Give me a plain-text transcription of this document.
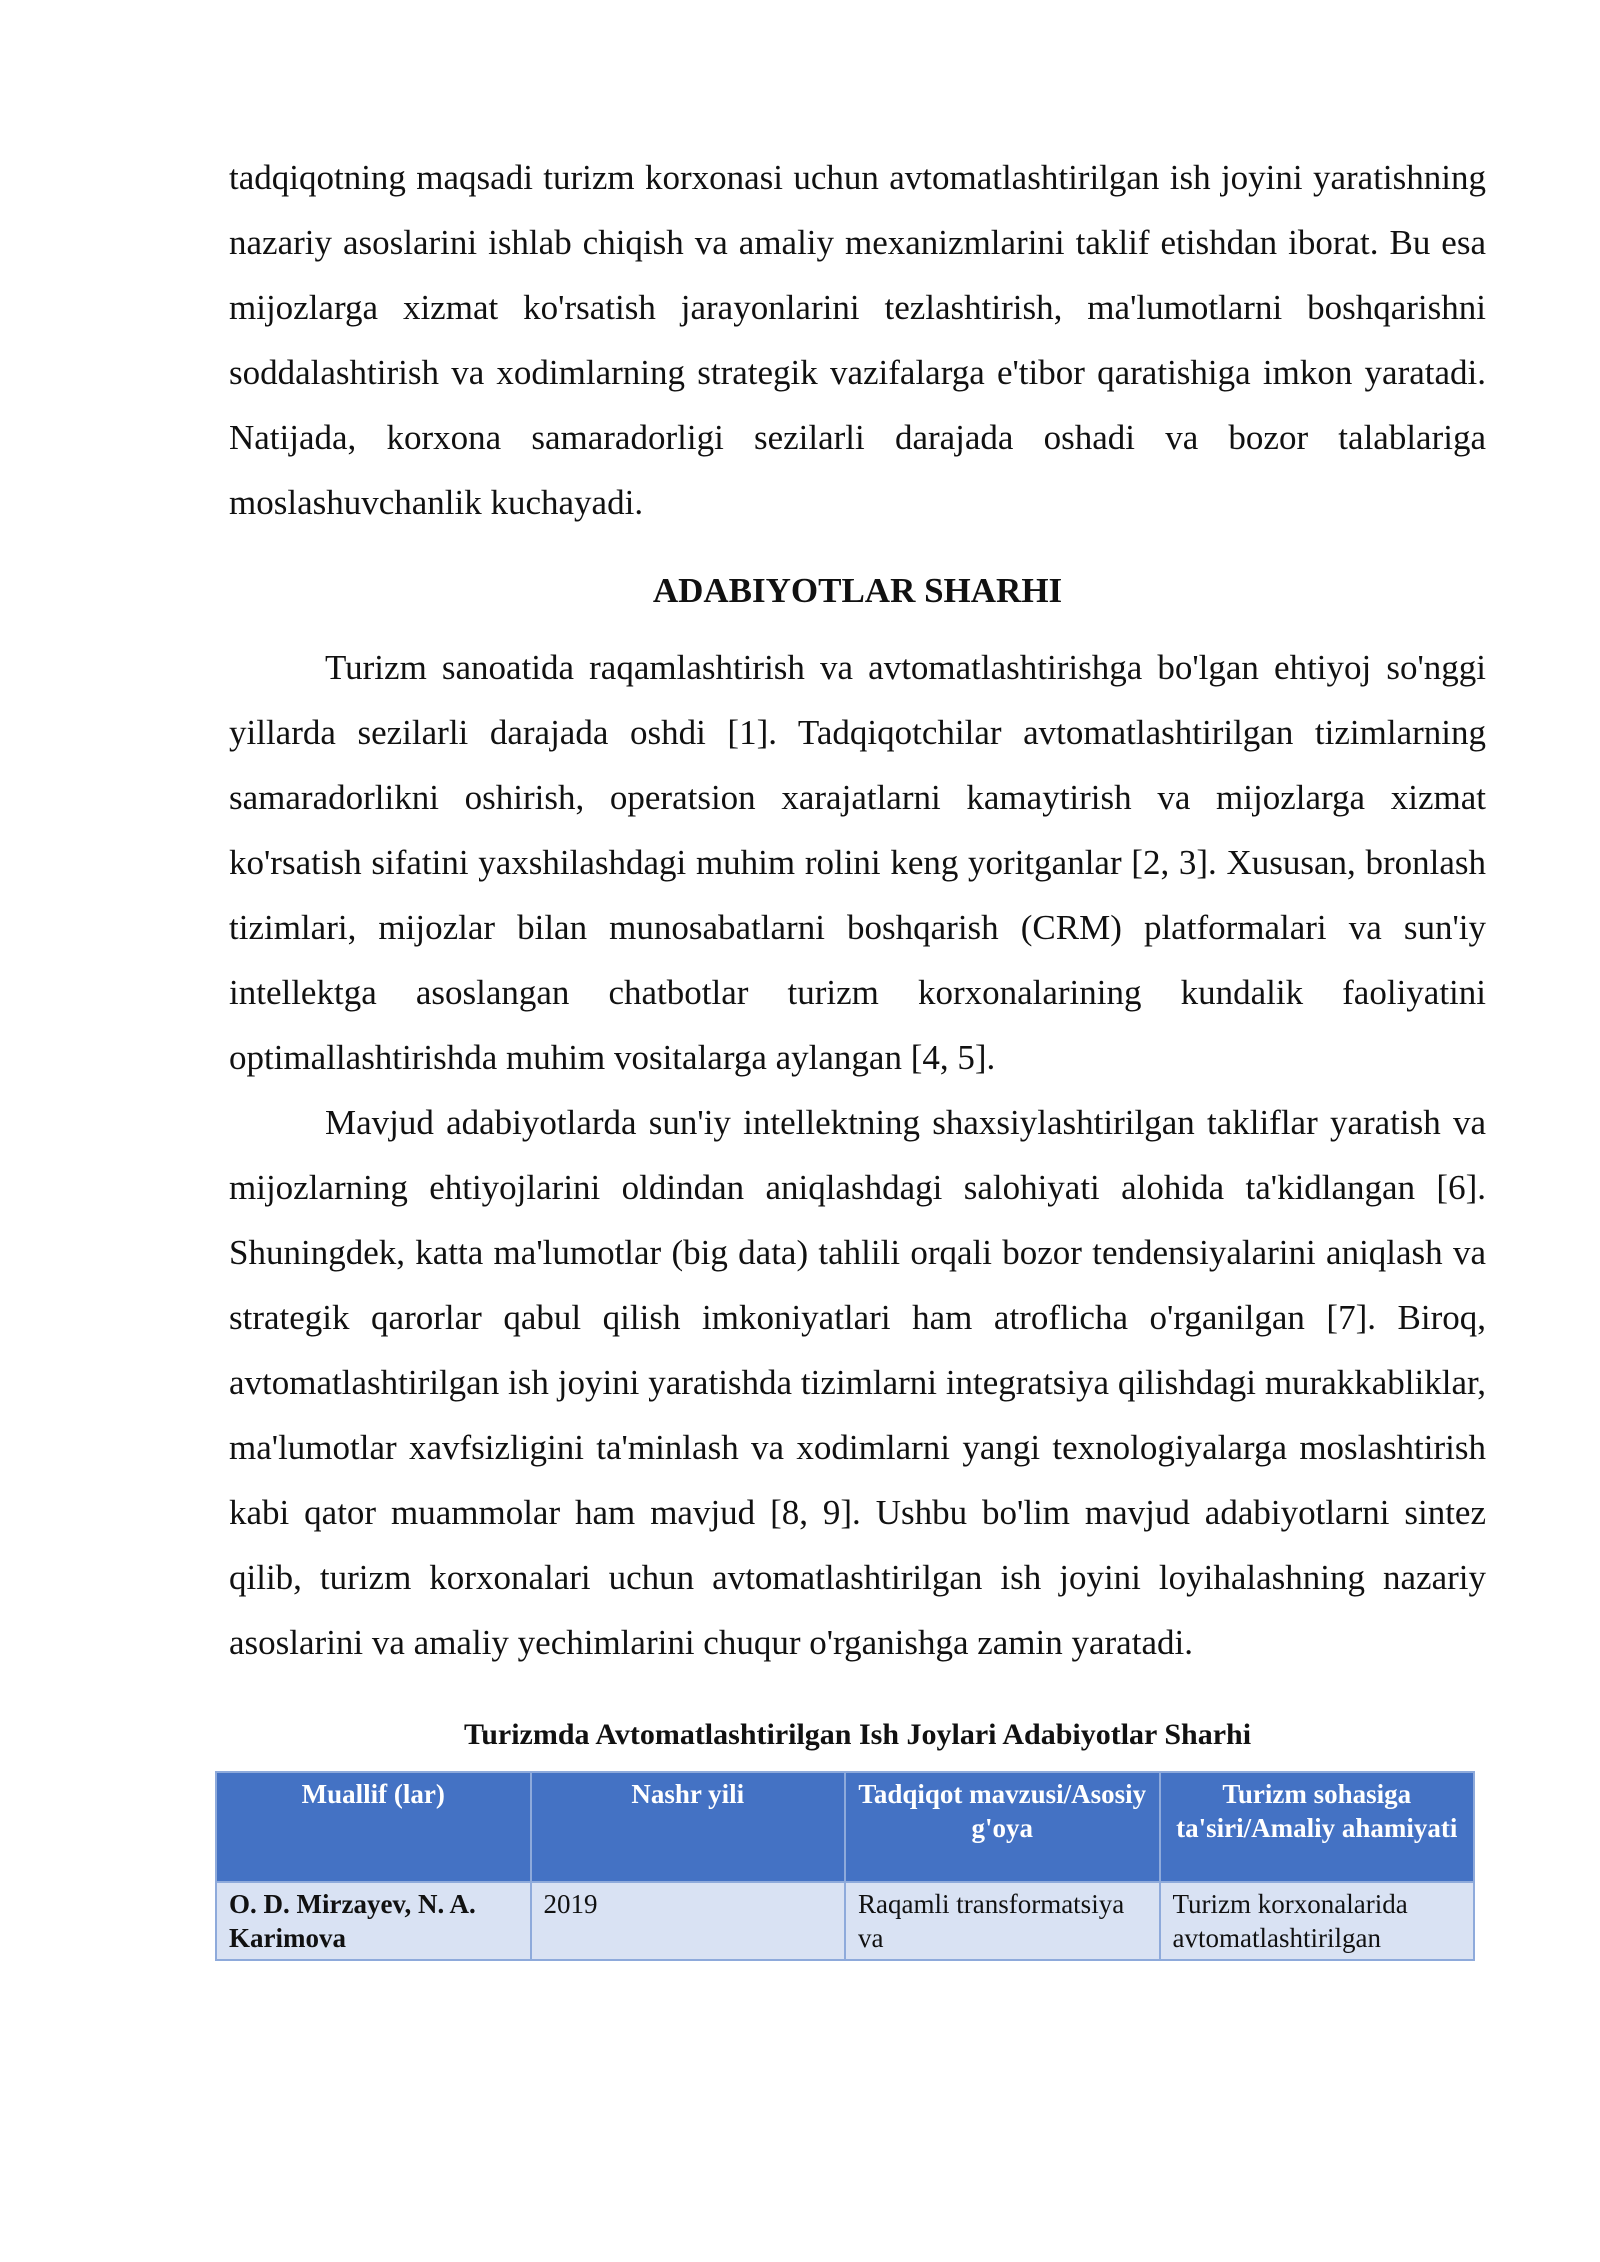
tadqiqotning maqsadi turizm korxonasi uchun avtomatlashtirilgan ish joyini yaratishning nazariy asoslarini ishlab chiqish va amaliy mexanizmlarini taklif etishdan iborat. Bu esa mijozlarga xizmat ko'rsatish jarayonlarini tezlashtirish, ma'lumotlarni boshqarishni soddalashtirish va xodimlarning strategik vazifalarga e'tibor qaratishiga imkon yaratadi. Natijada, korxona samaradorligi sezilarli darajada oshadi va bozor talablariga moslashuvchanlik kuchayadi.

ADABIYOTLAR SHARHI

Turizm sanoatida raqamlashtirish va avtomatlashtirishga bo'lgan ehtiyoj so'nggi yillarda sezilarli darajada oshdi [1]. Tadqiqotchilar avtomatlashtirilgan tizimlarning samaradorlikni oshirish, operatsion xarajatlarni kamaytirish va mijozlarga xizmat ko'rsatish sifatini yaxshilashdagi muhim rolini keng yoritganlar [2, 3]. Xususan, bronlash tizimlari, mijozlar bilan munosabatlarni boshqarish (CRM) platformalari va sun'iy intellektga asoslangan chatbotlar turizm korxonalarining kundalik faoliyatini optimallashtirishda muhim vositalarga aylangan [4, 5].

Mavjud adabiyotlarda sun'iy intellektning shaxsiylashtirilgan takliflar yaratish va mijozlarning ehtiyojlarini oldindan aniqlashdagi salohiyati alohida ta'kidlangan [6]. Shuningdek, katta ma'lumotlar (big data) tahlili orqali bozor tendensiyalarini aniqlash va strategik qarorlar qabul qilish imkoniyatlari ham atroflicha o'rganilgan [7]. Biroq, avtomatlashtirilgan ish joyini yaratishda tizimlarni integratsiya qilishdagi murakkabliklar, ma'lumotlar xavfsizligini ta'minlash va xodimlarni yangi texnologiyalarga moslashtirish kabi qator muammolar ham mavjud [8, 9]. Ushbu bo'lim mavjud adabiyotlarni sintez qilib, turizm korxonalari uchun avtomatlashtirilgan ish joyini loyihalashning nazariy asoslarini va amaliy yechimlarini chuqur o'rganishga zamin yaratadi.

Turizmda Avtomatlashtirilgan Ish Joylari Adabiyotlar Sharhi
Muallif (lar)	Nashr yili	Tadqiqot mavzusi/Asosiy g'oya	Turizm sohasiga ta'siri/Amaliy ahamiyati
O. D. Mirzayev, N. A. Karimova	2019	Raqamli transformatsiya va	Turizm korxonalarida avtomatlashtirilgan
